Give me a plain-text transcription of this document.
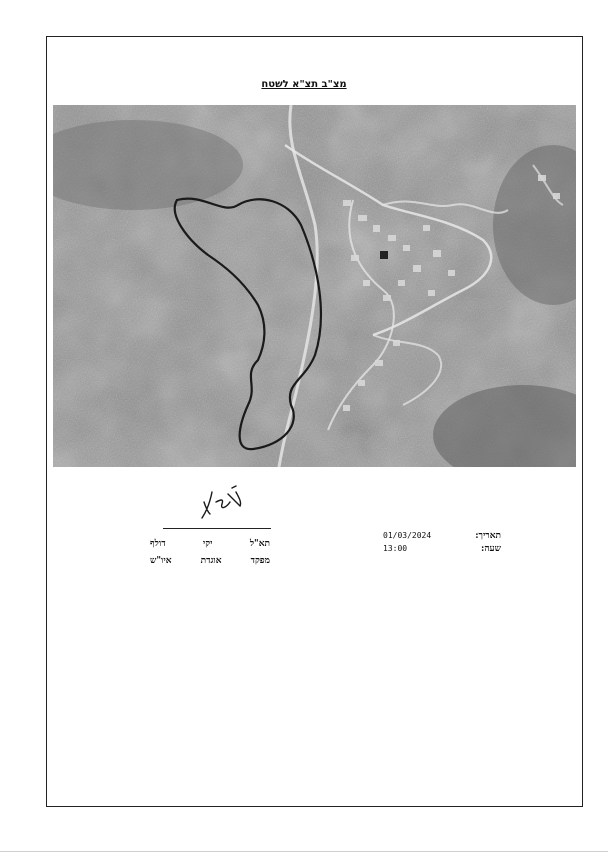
מצ"ב תצ"א לשטח
תא"ל
יקי
דולף
מפקד
אוגדת
איו"ש
תאריך:
01/03/2024
שעה:
13:00
